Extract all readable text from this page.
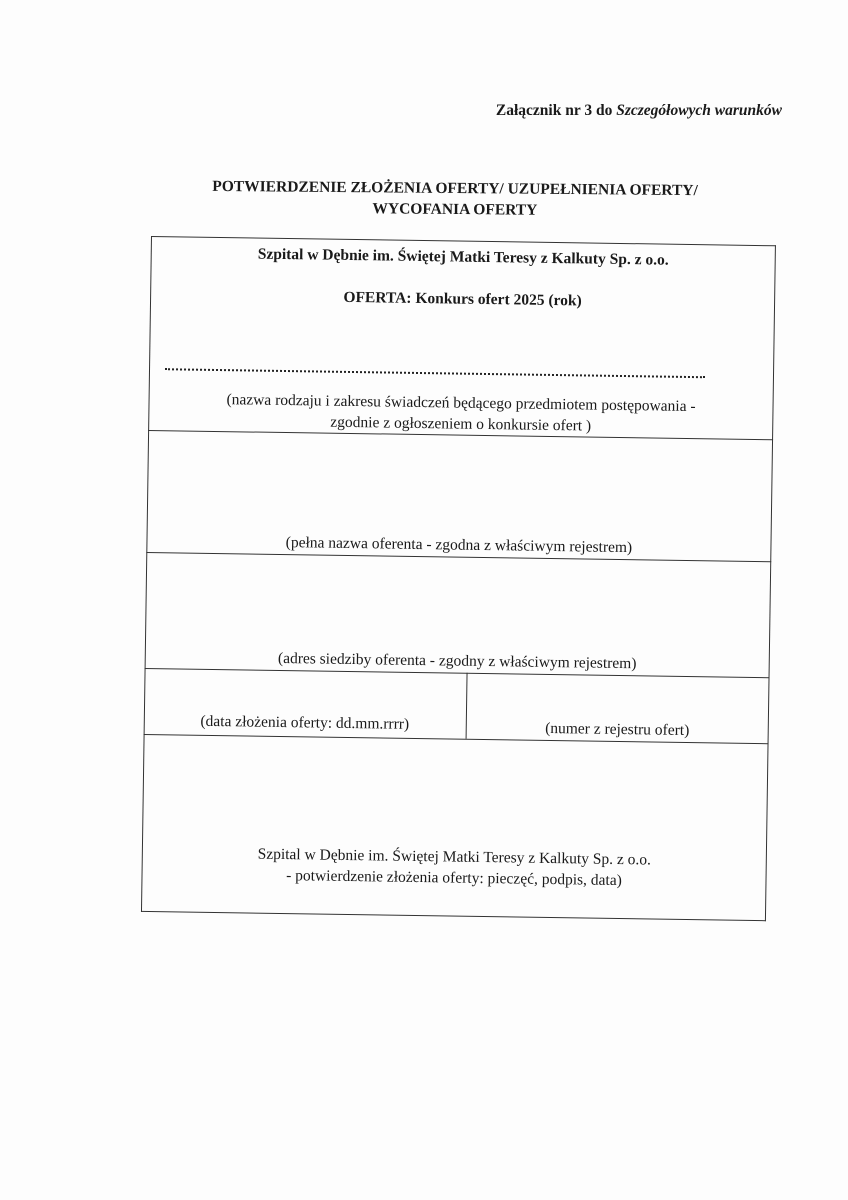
Załącznik nr 3 do Szczegółowych warunków
POTWIERDZENIE ZŁOŻENIA OFERTY/ UZUPEŁNIENIA OFERTY/
WYCOFANIA OFERTY
Szpital w Dębnie im. Świętej Matki Teresy z Kalkuty Sp. z o.o.
OFERTA: Konkurs ofert 2025 (rok)
(nazwa rodzaju i zakresu świadczeń będącego przedmiotem postępowania -
zgodnie z ogłoszeniem o konkursie ofert )
(pełna nazwa oferenta - zgodna z właściwym rejestrem)
(adres siedziby oferenta - zgodny z właściwym rejestrem)
(data złożenia oferty: dd.mm.rrrr)	(numer z rejestru ofert)
Szpital w Dębnie im. Świętej Matki Teresy z Kalkuty Sp. z o.o.
- potwierdzenie złożenia oferty: pieczęć, podpis, data)
